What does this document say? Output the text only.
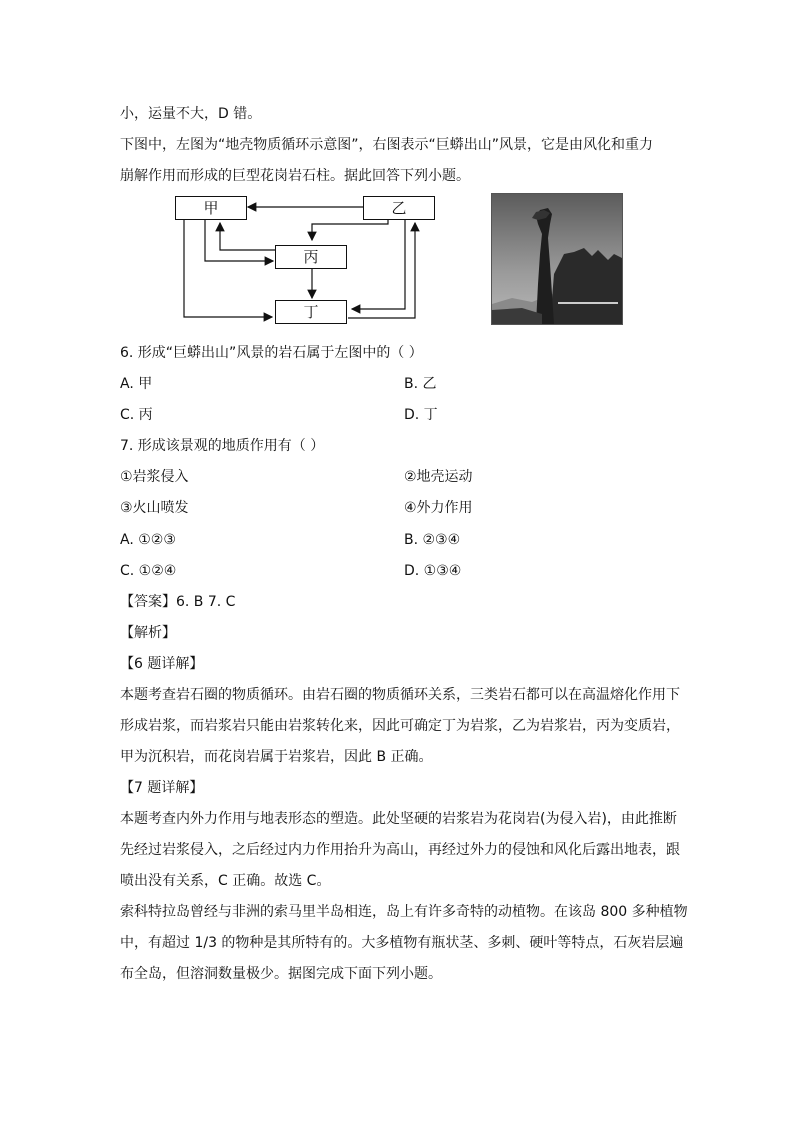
小，运量不大，D 错。
下图中，左图为“地壳物质循环示意图”，右图表示“巨蟒出山”风景，它是由风化和重力
崩解作用而形成的巨型花岗岩石柱。据此回答下列小题。
甲	乙
丙
丁
6. 形成“巨蟒出山”风景的岩石属于左图中的（ ）
A. 甲	B. 乙
C. 丙	D. 丁
7. 形成该景观的地质作用有（ ）
①岩浆侵入	②地壳运动
③火山喷发	④外力作用
A. ①②③	B. ②③④
C. ①②④	D. ①③④
【答案】6. B 7. C
【解析】
【6 题详解】
本题考查岩石圈的物质循环。由岩石圈的物质循环关系，三类岩石都可以在高温熔化作用下
形成岩浆，而岩浆岩只能由岩浆转化来，因此可确定丁为岩浆，乙为岩浆岩，丙为变质岩，
甲为沉积岩，而花岗岩属于岩浆岩，因此 B 正确。
【7 题详解】
本题考查内外力作用与地表形态的塑造。此处坚硬的岩浆岩为花岗岩(为侵入岩)，由此推断
先经过岩浆侵入，之后经过内力作用抬升为高山，再经过外力的侵蚀和风化后露出地表，跟
喷出没有关系，C 正确。故选 C。
索科特拉岛曾经与非洲的索马里半岛相连，岛上有许多奇特的动植物。在该岛 800 多种植物
中，有超过 1/3 的物种是其所特有的。大多植物有瓶状茎、多刺、硬叶等特点，石灰岩层遍
布全岛，但溶洞数量极少。据图完成下面下列小题。
